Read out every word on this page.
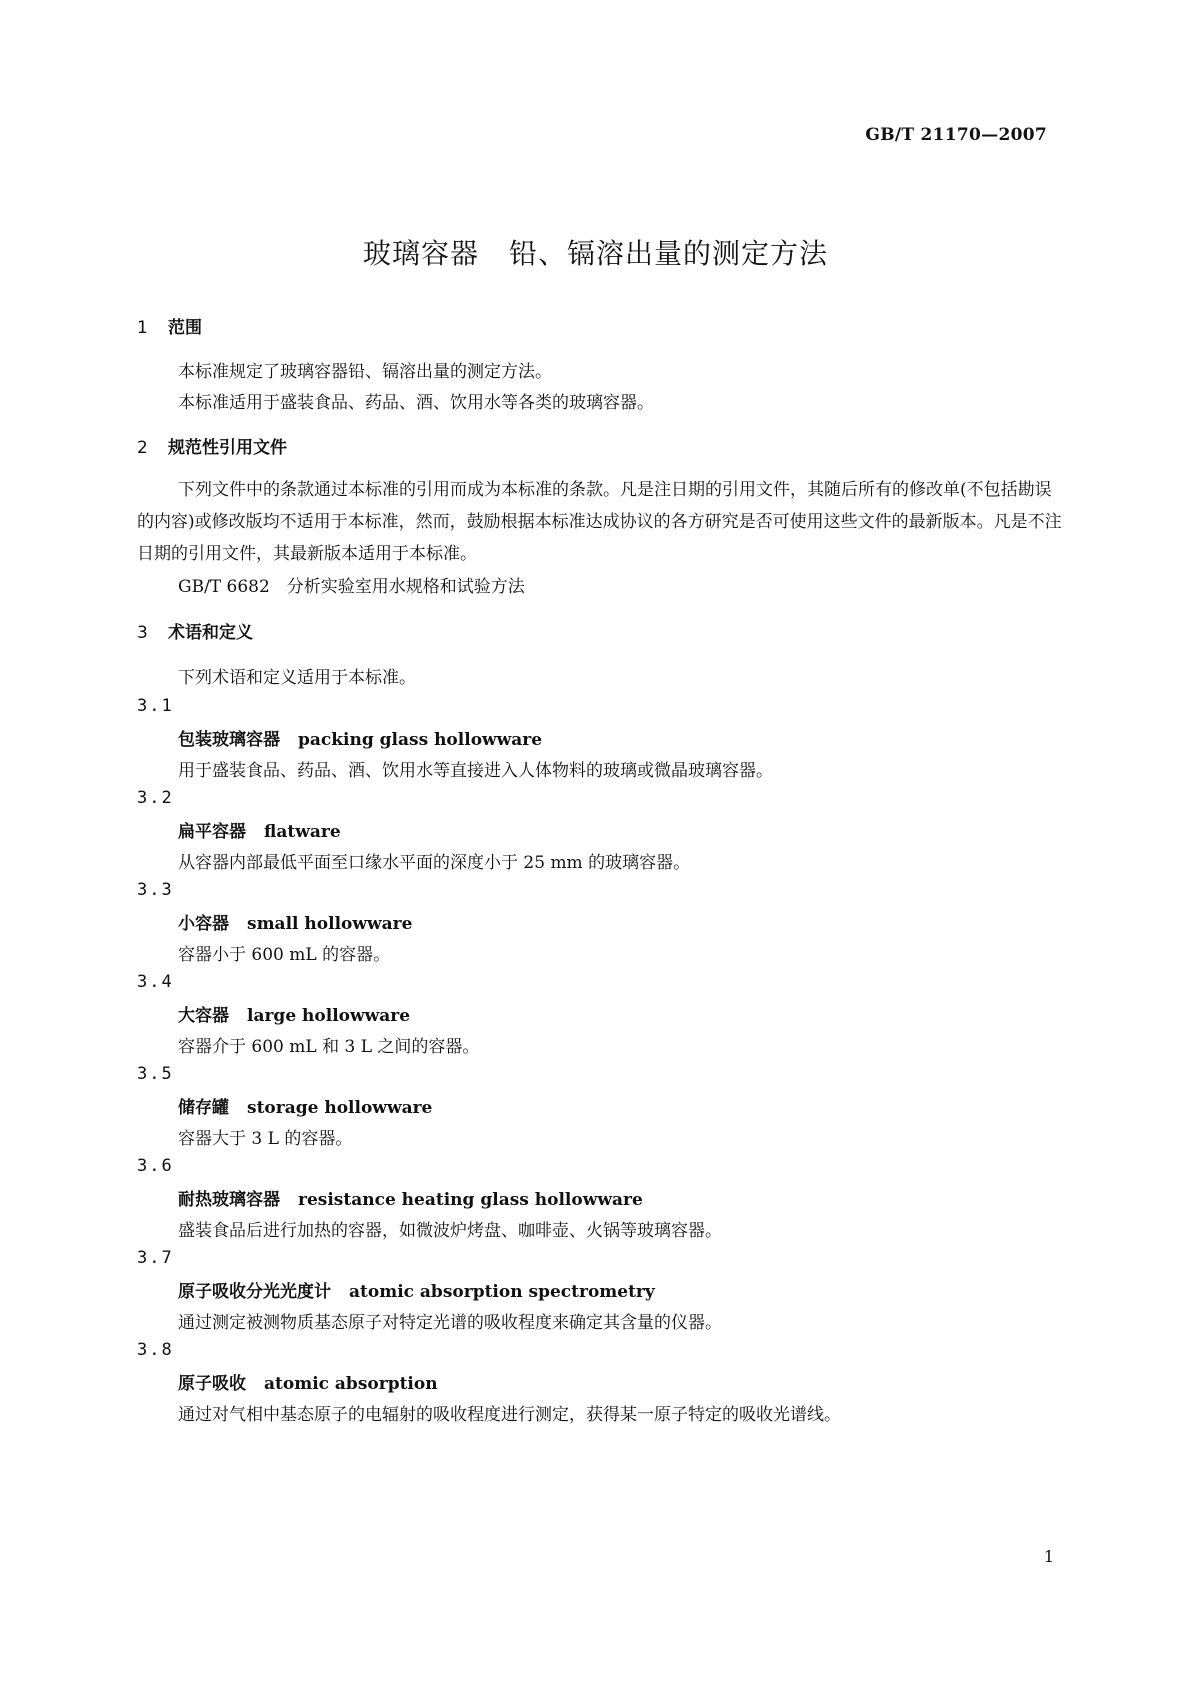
GB/T 21170—2007
玻璃容器 铅、镉溶出量的测定方法
1 范围
本标准规定了玻璃容器铅、镉溶出量的测定方法。
本标准适用于盛装食品、药品、酒、饮用水等各类的玻璃容器。
2 规范性引用文件
下列文件中的条款通过本标准的引用而成为本标准的条款。凡是注日期的引用文件，其随后所有的修改单(不包括勘误的内容)或修改版均不适用于本标准，然而，鼓励根据本标准达成协议的各方研究是否可使用这些文件的最新版本。凡是不注日期的引用文件，其最新版本适用于本标准。
GB/T 6682　分析实验室用水规格和试验方法
3 术语和定义
下列术语和定义适用于本标准。
3.1
包装玻璃容器 packing glass hollowware
用于盛装食品、药品、酒、饮用水等直接进入人体物料的玻璃或微晶玻璃容器。
3.2
扁平容器 flatware
从容器内部最低平面至口缘水平面的深度小于 25 mm 的玻璃容器。
3.3
小容器 small hollowware
容器小于 600 mL 的容器。
3.4
大容器 large hollowware
容器介于 600 mL 和 3 L 之间的容器。
3.5
储存罐 storage hollowware
容器大于 3 L 的容器。
3.6
耐热玻璃容器 resistance heating glass hollowware
盛装食品后进行加热的容器，如微波炉烤盘、咖啡壶、火锅等玻璃容器。
3.7
原子吸收分光光度计 atomic absorption spectrometry
通过测定被测物质基态原子对特定光谱的吸收程度来确定其含量的仪器。
3.8
原子吸收 atomic absorption
通过对气相中基态原子的电辐射的吸收程度进行测定，获得某一原子特定的吸收光谱线。
1
